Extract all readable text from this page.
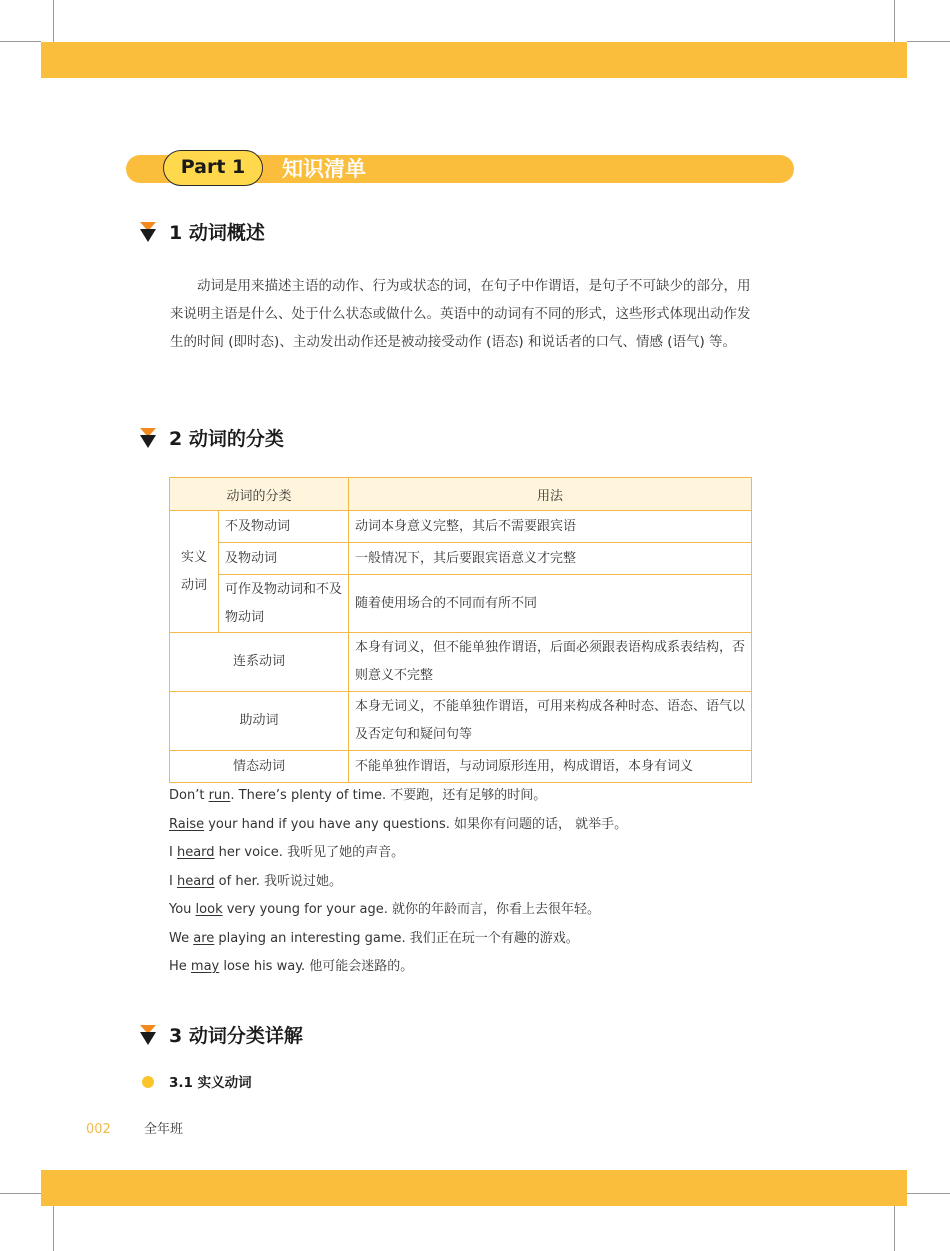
Part 1	知识清单
1 动词概述

动词是用来描述主语的动作、行为或状态的词，在句子中作谓语，是句子不可缺少的部分，用来说明主语是什么、处于什么状态或做什么。英语中的动词有不同的形式，这些形式体现出动作发生的时间 (即时态)、主动发出动作还是被动接受动作 (语态) 和说话者的口气、情感 (语气) 等。

2 动词的分类
动词的分类		用法
实义动词	不及物动词	动词本身意义完整，其后不需要跟宾语
	及物动词	一般情况下，其后要跟宾语意义才完整
	可作及物动词和不及物动词	随着使用场合的不同而有所不同
连系动词		本身有词义，但不能单独作谓语，后面必须跟表语构成系表结构，否则意义不完整
助动词		本身无词义，不能单独作谓语，可用来构成各种时态、语态、语气以及否定句和疑问句等
情态动词		不能单独作谓语，与动词原形连用，构成谓语，本身有词义
Don’t run. There’s plenty of time. 不要跑，还有足够的时间。
Raise your hand if you have any questions. 如果你有问题的话， 就举手。
I heard her voice. 我听见了她的声音。
I heard of her. 我听说过她。
You look very young for your age. 就你的年龄而言，你看上去很年轻。
We are playing an interesting game. 我们正在玩一个有趣的游戏。
He may lose his way. 他可能会迷路的。
3 动词分类详解
3.1 实义动词
002	全年班
